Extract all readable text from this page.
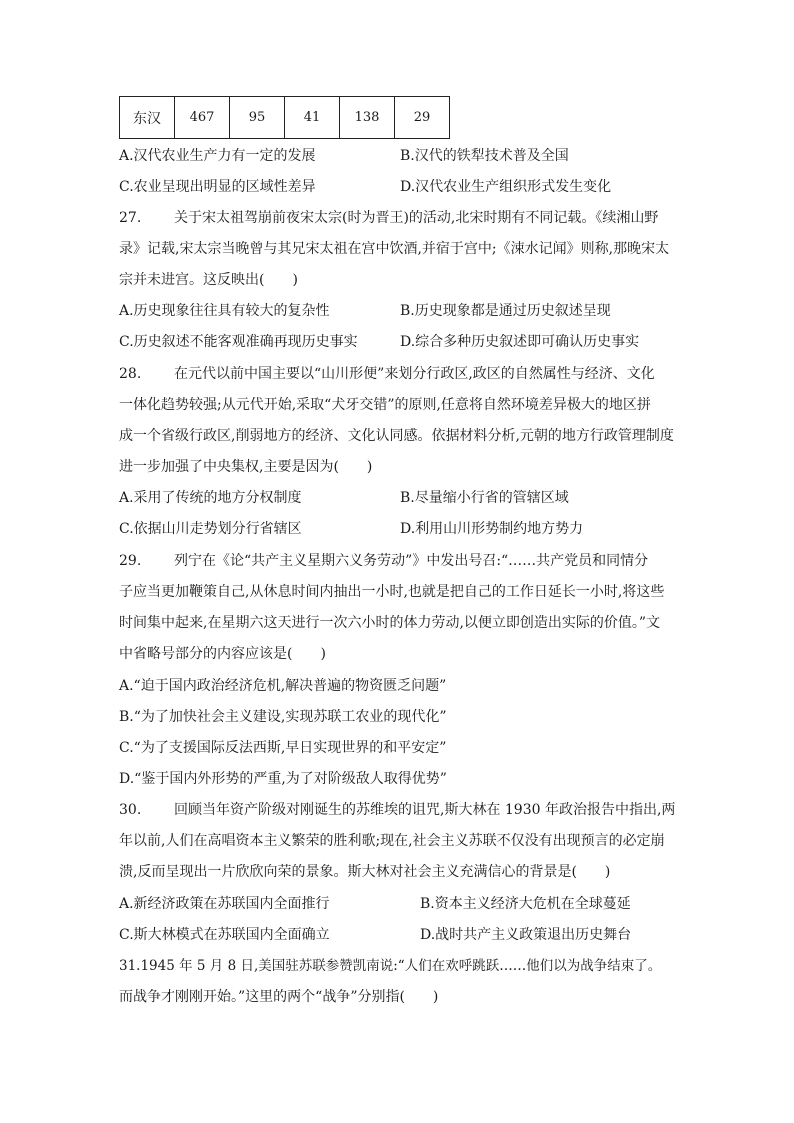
东汉	467	95	41	138	29
A.汉代农业生产力有一定的发展	B.汉代的铁犁技术普及全国
C.农业呈现出明显的区域性差异	D.汉代农业生产组织形式发生变化
27. 关于宋太祖驾崩前夜宋太宗(时为晋王)的活动,北宋时期有不同记载。《续湘山野
录》记载,宋太宗当晚曾与其兄宋太祖在宫中饮酒,并宿于宫中;《涑水记闻》则称,那晚宋太
宗并未进宫。这反映出(　　)
A.历史现象往往具有较大的复杂性	B.历史现象都是通过历史叙述呈现
C.历史叙述不能客观准确再现历史事实	D.综合多种历史叙述即可确认历史事实
28. 在元代以前中国主要以“山川形便”来划分行政区,政区的自然属性与经济、文化
一体化趋势较强;从元代开始,采取“犬牙交错”的原则,任意将自然环境差异极大的地区拼
成一个省级行政区,削弱地方的经济、文化认同感。依据材料分析,元朝的地方行政管理制度
进一步加强了中央集权,主要是因为(　　)
A.采用了传统的地方分权制度	B.尽量缩小行省的管辖区域
C.依据山川走势划分行省辖区	D.利用山川形势制约地方势力
29. 列宁在《论“共产主义星期六义务劳动”》中发出号召:“……共产党员和同情分
子应当更加鞭策自己,从休息时间内抽出一小时,也就是把自己的工作日延长一小时,将这些
时间集中起来,在星期六这天进行一次六小时的体力劳动,以便立即创造出实际的价值。”文
中省略号部分的内容应该是(　　)
A.“迫于国内政治经济危机,解决普遍的物资匮乏问题”
B.“为了加快社会主义建设,实现苏联工农业的现代化”
C.“为了支援国际反法西斯,早日实现世界的和平安定”
D.“鉴于国内外形势的严重,为了对阶级敌人取得优势”
30. 回顾当年资产阶级对刚诞生的苏维埃的诅咒,斯大林在 1930 年政治报告中指出,两
年以前,人们在高唱资本主义繁荣的胜利歌;现在,社会主义苏联不仅没有出现预言的必定崩
溃,反而呈现出一片欣欣向荣的景象。斯大林对社会主义充满信心的背景是(　　)
A.新经济政策在苏联国内全面推行	B.资本主义经济大危机在全球蔓延
C.斯大林模式在苏联国内全面确立	D.战时共产主义政策退出历史舞台
31.1945 年 5 月 8 日,美国驻苏联参赞凯南说:“人们在欢呼跳跃……他们以为战争结束了。
而战争才刚刚开始。”这里的两个“战争”分别指(　　)
